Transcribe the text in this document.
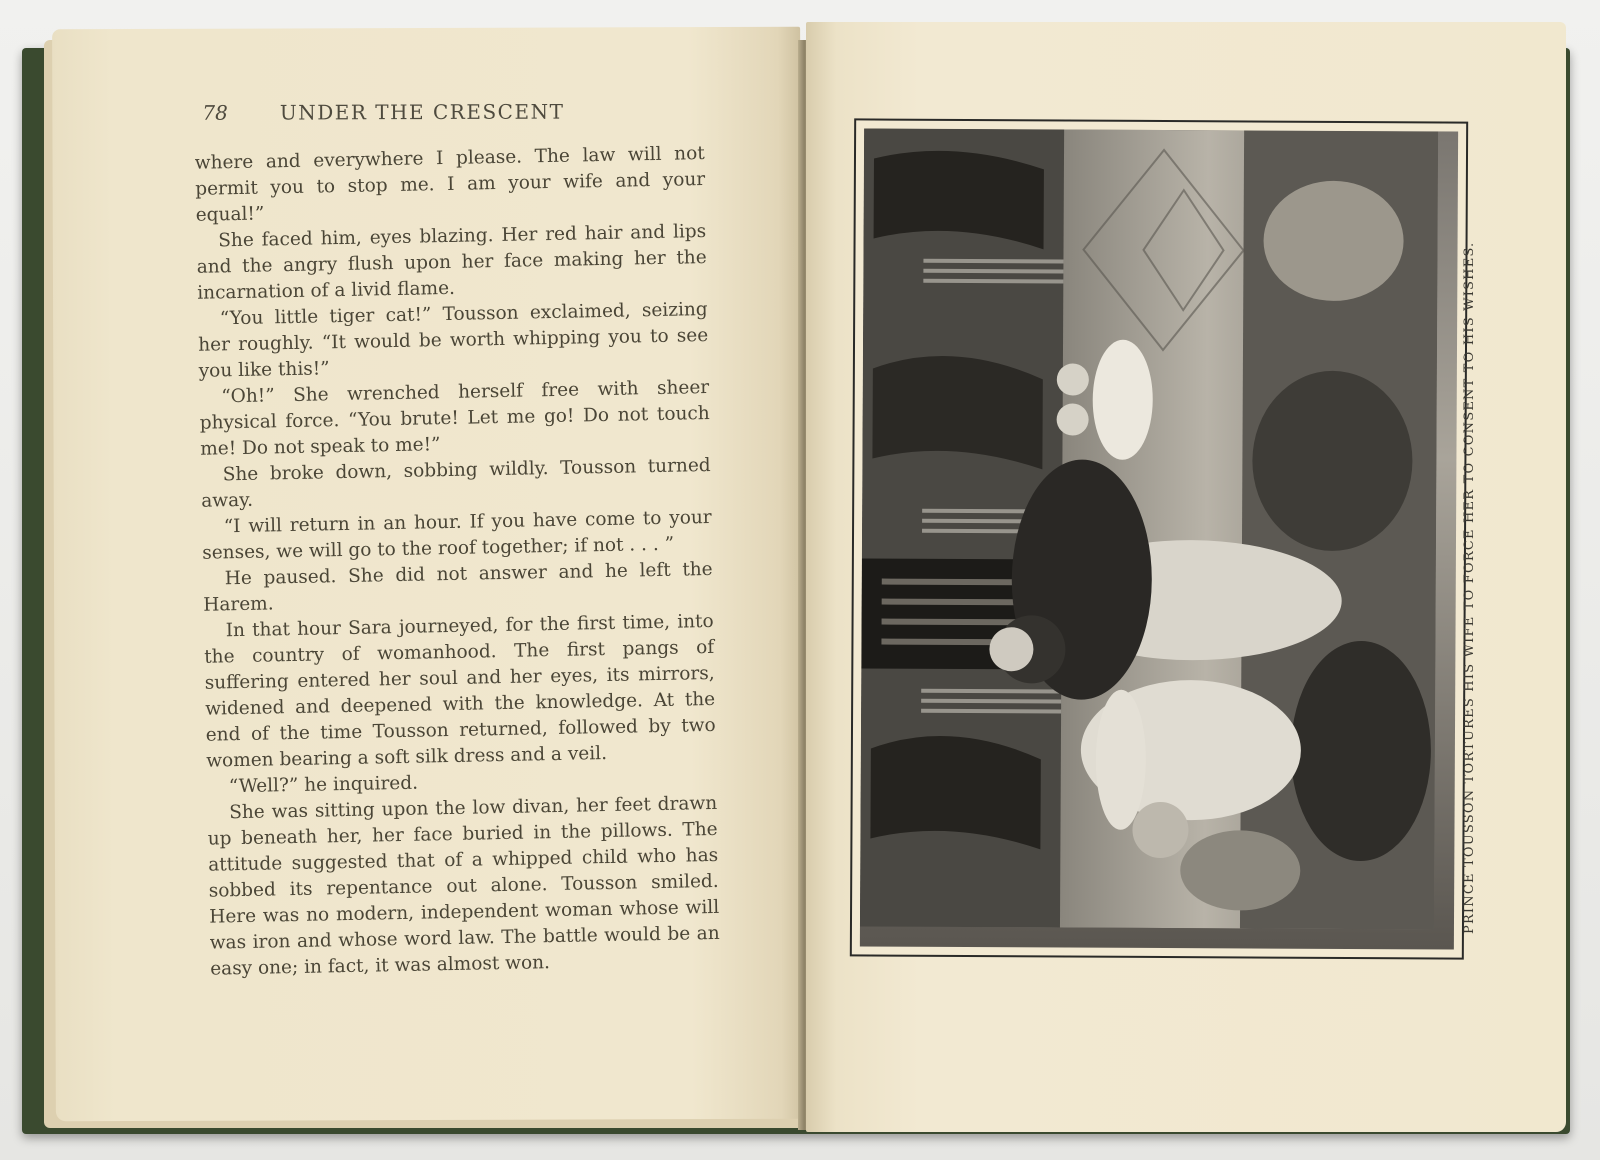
78	UNDER THE CRESCENT

where and everywhere I please. The law will not permit you to stop me. I am your wife and your equal!”

She faced him, eyes blazing. Her red hair and lips and the angry flush upon her face making her the incarnation of a livid flame.

“You little tiger cat!” Tousson exclaimed, seizing her roughly. “It would be worth whipping you to see you like this!”

“Oh!” She wrenched herself free with sheer physical force. “You brute! Let me go! Do not touch me! Do not speak to me!”

She broke down, sobbing wildly. Tousson turned away.

“I will return in an hour. If you have come to your senses, we will go to the roof together; if not . . . ”

He paused. She did not answer and he left the Harem.

In that hour Sara journeyed, for the first time, into the country of womanhood. The first pangs of suffering entered her soul and her eyes, its mirrors, widened and deepened with the knowledge. At the end of the time Tousson returned, followed by two women bearing a soft silk dress and a veil.

“Well?” he inquired.

She was sitting upon the low divan, her feet drawn up beneath her, her face buried in the pillows. The attitude suggested that of a whipped child who has sobbed its repentance out alone. Tousson smiled. Here was no modern, independent woman whose will was iron and whose word law. The battle would be an easy one; in fact, it was almost won.

PRINCE TOUSSON TORTURES HIS WIFE TO FORCE HER TO CONSENT TO HIS WISHES.
